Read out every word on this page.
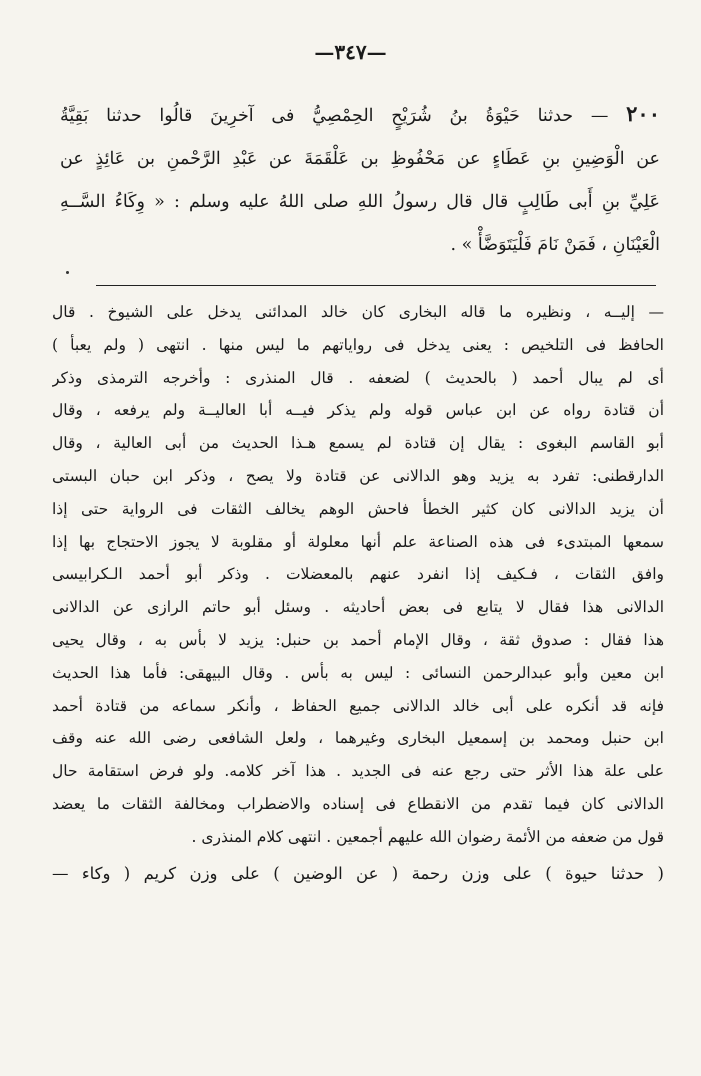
—٣٤٧—
٢٠٠ — حدثنا حَيْوَةُ بنُ شُرَيْحٍ الحِمْصِيُّ فى آخرِينَ قالُوا حدثنا بَقِيَّةُ
عن الْوَضِينِ بنِ عَطَاءٍ عن مَحْفُوظِ بن عَلْقَمَةَ عن عَبْدِ الرَّحْمنِ بن عَائِذٍ عن
عَلِيِّ بنِ أَبى طَالِبٍ قال قال رسولُ اللهِ صلى اللهُ عليه وسلم : « وِكَاءُ السَّــهِ
الْعَيْنَانِ ، فَمَنْ نَامَ فَلْيَتَوَضَّأْ » .
— إليــه ، ونظيره ما قاله البخارى كان خالد المدائنى يدخل على الشيوخ . قال
الحافظ فى التلخيص : يعنى يدخل فى رواياتهم ما ليس منها . انتهى ( ولم يعبأ )
أى لم يبال أحمد ( بالحديث ) لضعفه . قال المنذرى : وأخرجه الترمذى وذكر
أن قتادة رواه عن ابن عباس قوله ولم يذكر فيــه أبا العاليــة ولم يرفعه ، وقال
أبو القاسم البغوى : يقال إن قتادة لم يسمع هـذا الحديث من أبى العالية ، وقال
الدارقطنى: تفرد به يزيد وهو الدالانى عن قتادة ولا يصح ، وذكر ابن حبان البستى
أن يزيد الدالانى كان كثير الخطأ فاحش الوهم يخالف الثقات فى الرواية حتى إذا
سمعها المبتدىء فى هذه الصناعة علم أنها معلولة أو مقلوبة لا يجوز الاحتجاج بها إذا
وافق الثقات ، فـكيف إذا انفرد عنهم بالمعضلات . وذكر أبو أحمد الـكرابيسى
الدالانى هذا فقال لا يتابع فى بعض أحاديثه . وسئل أبو حاتم الرازى عن الدالانى
هذا فقال : صدوق ثقة ، وقال الإمام أحمد بن حنبل: يزيد لا بأس به ، وقال يحيى
ابن معين وأبو عبدالرحمن النسائى : ليس به بأس . وقال البيهقى: فأما هذا الحديث
فإنه قد أنكره على أبى خالد الدالانى جميع الحفاظ ، وأنكر سماعه من قتادة أحمد
ابن حنبل ومحمد بن إسمعيل البخارى وغيرهما ، ولعل الشافعى رضى الله عنه وقف
على علة هذا الأثر حتى رجع عنه فى الجديد . هذا آخر كلامه. ولو فرض استقامة حال
الدالانى كان فيما تقدم من الانقطاع فى إسناده والاضطراب ومخالفة الثقات ما يعضد
قول من ضعفه من الأئمة رضوان الله عليهم أجمعين . انتهى كلام المنذرى .
( حدثنا حيوة ) على وزن رحمة ( عن الوضين ) على وزن كريم ( وكاء —
